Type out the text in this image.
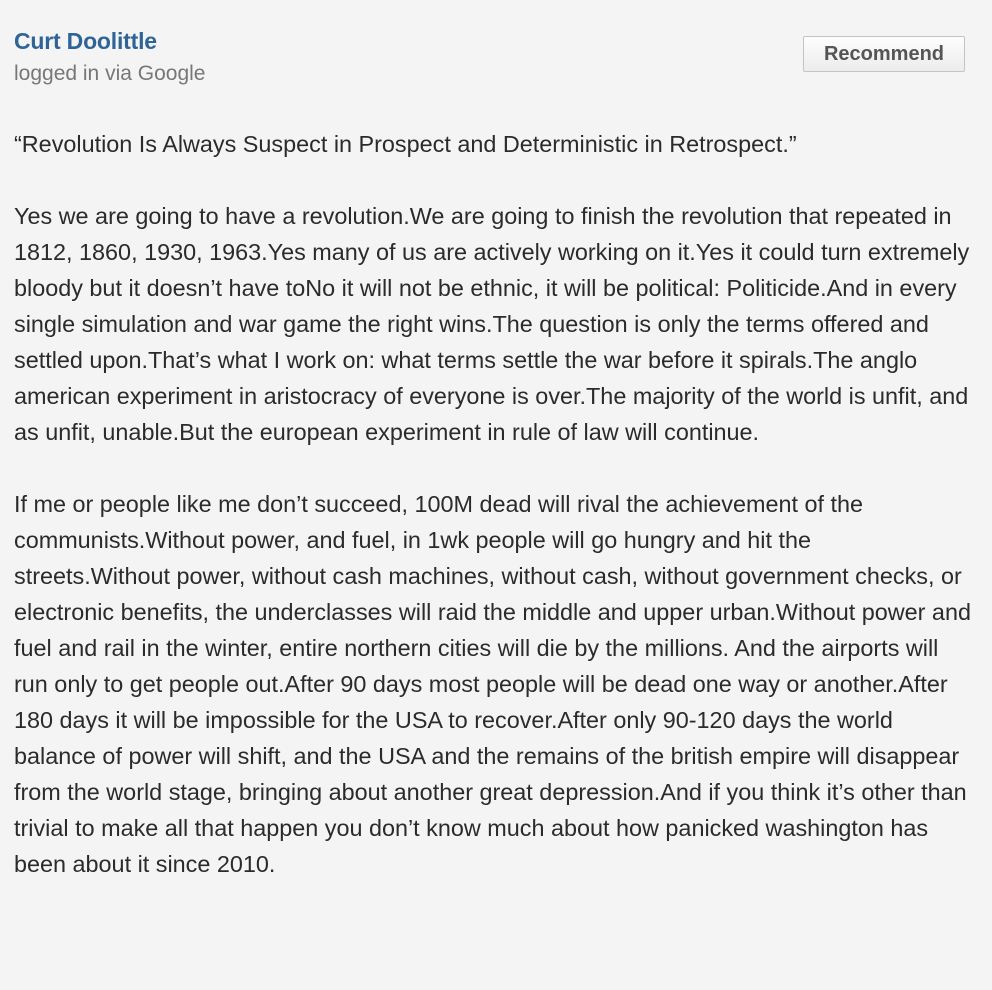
Curt Doolittle
logged in via Google
Recommend

“Revolution Is Always Suspect in Prospect and Deterministic in Retrospect.”

Yes we are going to have a revolution.We are going to finish the revolution that repeated in 1812, 1860, 1930, 1963.Yes many of us are actively working on it.Yes it could turn extremely bloody but it doesn’t have toNo it will not be ethnic, it will be political: Politicide.And in every single simulation and war game the right wins.The question is only the terms offered and settled upon.That’s what I work on: what terms settle the war before it spirals.The anglo american experiment in aristocracy of everyone is over.The majority of the world is unfit, and as unfit, unable.But the european experiment in rule of law will continue.

If me or people like me don’t succeed, 100M dead will rival the achievement of the communists.Without power, and fuel, in 1wk people will go hungry and hit the streets.Without power, without cash machines, without cash, without government checks, or electronic benefits, the underclasses will raid the middle and upper urban.Without power and fuel and rail in the winter, entire northern cities will die by the millions. And the airports will run only to get people out.After 90 days most people will be dead one way or another.After 180 days it will be impossible for the USA to recover.After only 90-120 days the world balance of power will shift, and the USA and the remains of the british empire will disappear from the world stage, bringing about another great depression.And if you think it’s other than trivial to make all that happen you don’t know much about how panicked washington has been about it since 2010.
